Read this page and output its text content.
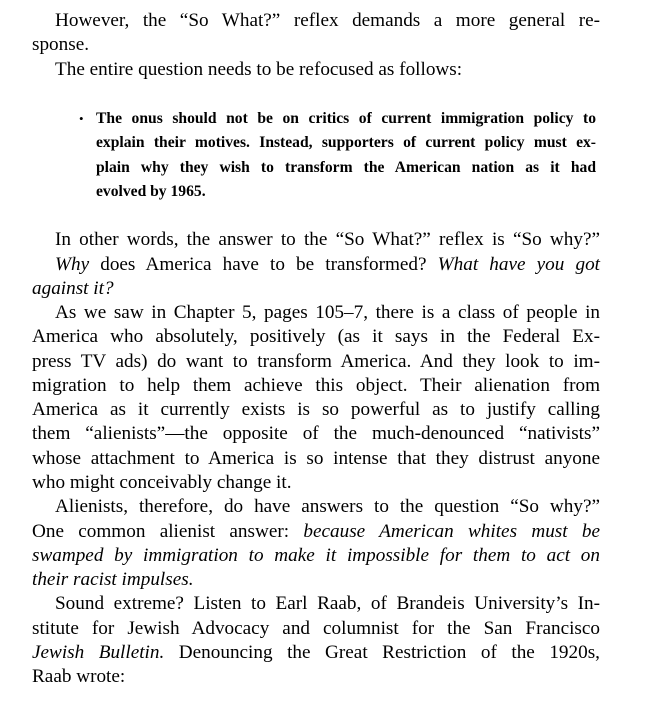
However, the “So What?” reflex demands a more general re-
sponse.
The entire question needs to be refocused as follows:
• The onus should not be on critics of current immigration policy to
explain their motives. Instead, supporters of current policy must ex-
plain why they wish to transform the American nation as it had
evolved by 1965.
In other words, the answer to the “So What?” reflex is “So why?”
Why does America have to be transformed? What have you got
against it?
As we saw in Chapter 5, pages 105–7, there is a class of people in
America who absolutely, positively (as it says in the Federal Ex-
press TV ads) do want to transform America. And they look to im-
migration to help them achieve this object. Their alienation from
America as it currently exists is so powerful as to justify calling
them “alienists”—the opposite of the much-denounced “nativists”
whose attachment to America is so intense that they distrust anyone
who might conceivably change it.
Alienists, therefore, do have answers to the question “So why?”
One common alienist answer: because American whites must be
swamped by immigration to make it impossible for them to act on
their racist impulses.
Sound extreme? Listen to Earl Raab, of Brandeis University’s In-
stitute for Jewish Advocacy and columnist for the San Francisco
Jewish Bulletin. Denouncing the Great Restriction of the 1920s,
Raab wrote:
